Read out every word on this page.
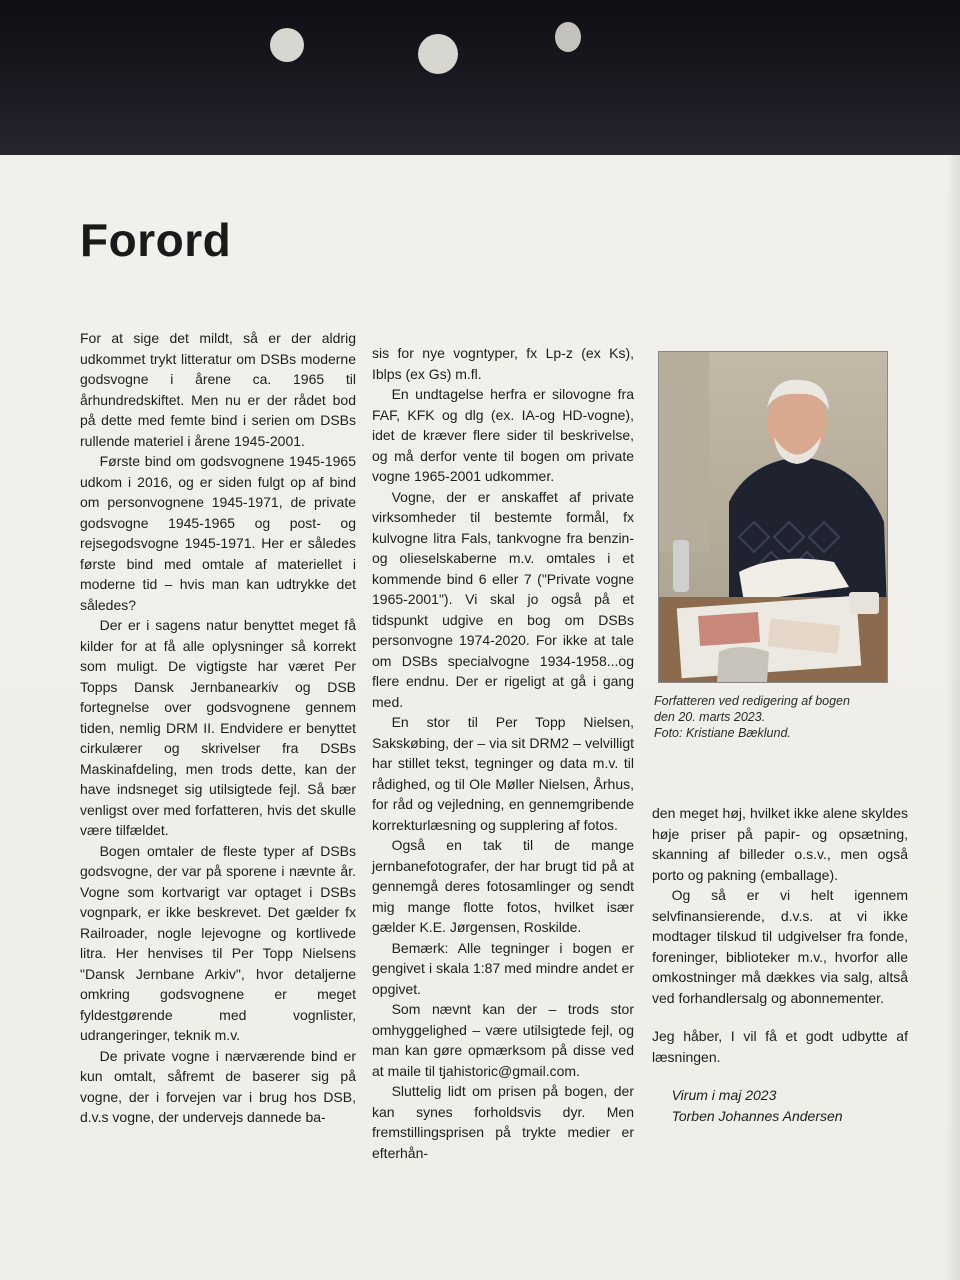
Forord

For at sige det mildt, så er der aldrig udkommet trykt litteratur om DSBs moderne godsvogne i årene ca. 1965 til århundredskiftet. Men nu er der rådet bod på dette med femte bind i serien om DSBs rullende materiel i årene 1945-2001.

Første bind om godsvognene 1945-1965 udkom i 2016, og er siden fulgt op af bind om personvognene 1945-1971, de private godsvogne 1945-1965 og post- og rejsegodsvogne 1945-1971. Her er således første bind med omtale af materiellet i moderne tid – hvis man kan udtrykke det således?

Der er i sagens natur benyttet meget få kilder for at få alle oplysninger så korrekt som muligt. De vigtigste har været Per Topps Dansk Jernbanearkiv og DSB fortegnelse over godsvognene gennem tiden, nemlig DRM II. Endvidere er benyttet cirkulærer og skrivelser fra DSBs Maskinafdeling, men trods dette, kan der have indsneget sig utilsigtede fejl. Så bær venligst over med forfatteren, hvis det skulle være tilfældet.

Bogen omtaler de fleste typer af DSBs godsvogne, der var på sporene i nævnte år. Vogne som kortvarigt var optaget i DSBs vognpark, er ikke beskrevet. Det gælder fx Railroader, nogle lejevogne og kortlivede litra. Her henvises til Per Topp Nielsens "Dansk Jernbane Arkiv", hvor detaljerne omkring godsvognene er meget fyldestgørende med vognlister, udrangeringer, teknik m.v.

De private vogne i nærværende bind er kun omtalt, såfremt de baserer sig på vogne, der i forvejen var i brug hos DSB, d.v.s vogne, der undervejs dannede ba-

sis for nye vogntyper, fx Lp-z (ex Ks), Iblps (ex Gs) m.fl.

En undtagelse herfra er silovogne fra FAF, KFK og dlg (ex. IA-og HD-vogne), idet de kræver flere sider til beskrivelse, og må derfor vente til bogen om private vogne 1965-2001 udkommer.

Vogne, der er anskaffet af private virksomheder til bestemte formål, fx kulvogne litra Fals, tankvogne fra benzin- og olieselskaberne m.v. omtales i et kommende bind 6 eller 7 ("Private vogne 1965-2001"). Vi skal jo også på et tidspunkt udgive en bog om DSBs personvogne 1974-2020. For ikke at tale om DSBs specialvogne 1934-1958...og flere endnu. Der er rigeligt at gå i gang med.

En stor til Per Topp Nielsen, Sakskøbing, der – via sit DRM2 – velvilligt har stillet tekst, tegninger og data m.v. til rådighed, og til Ole Møller Nielsen, Århus, for råd og vejledning, en gennemgribende korrekturlæsning og supplering af fotos.

Også en tak til de mange jernbanefotografer, der har brugt tid på at gennemgå deres fotosamlinger og sendt mig mange flotte fotos, hvilket især gælder K.E. Jørgensen, Roskilde.

Bemærk: Alle tegninger i bogen er gengivet i skala 1:87 med mindre andet er opgivet.

Som nævnt kan der – trods stor omhyggelighed – være utilsigtede fejl, og man kan gøre opmærksom på disse ved at maile til tjahistoric@gmail.com.

Sluttelig lidt om prisen på bogen, der kan synes forholdsvis dyr. Men fremstillingsprisen på trykte medier er efterhån-

Forfatteren ved redigering af bogen
den 20. marts 2023.
Foto: Kristiane Bæklund.

den meget høj, hvilket ikke alene skyldes høje priser på papir- og opsætning, skanning af billeder o.s.v., men også porto og pakning (emballage).

Og så er vi helt igennem selvfinansierende, d.v.s. at vi ikke modtager tilskud til udgivelser fra fonde, foreninger, biblioteker m.v., hvorfor alle omkostninger må dækkes via salg, altså ved forhandlersalg og abonnementer.

Jeg håber, I vil få et godt udbytte af læsningen.

Virum i maj 2023

Torben Johannes Andersen
